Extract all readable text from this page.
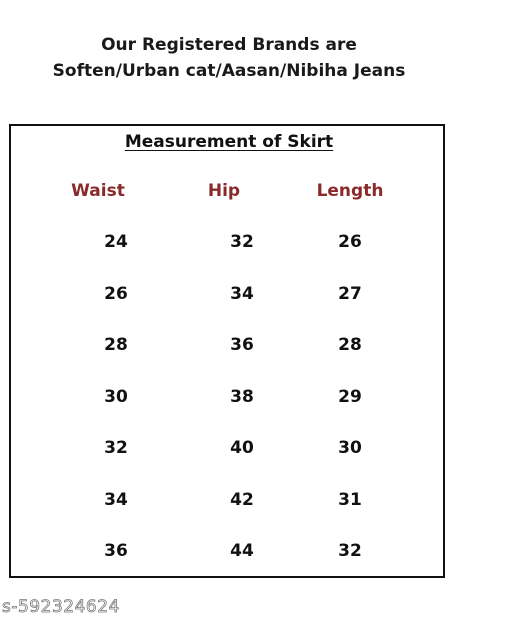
Our Registered Brands are
Soften/Urban cat/Aasan/Nibiha Jeans
Measurement of Skirt
Waist	Hip	Length
24	32	26
26	34	27
28	36	28
30	38	29
32	40	30
34	42	31
36	44	32
s-592324624
